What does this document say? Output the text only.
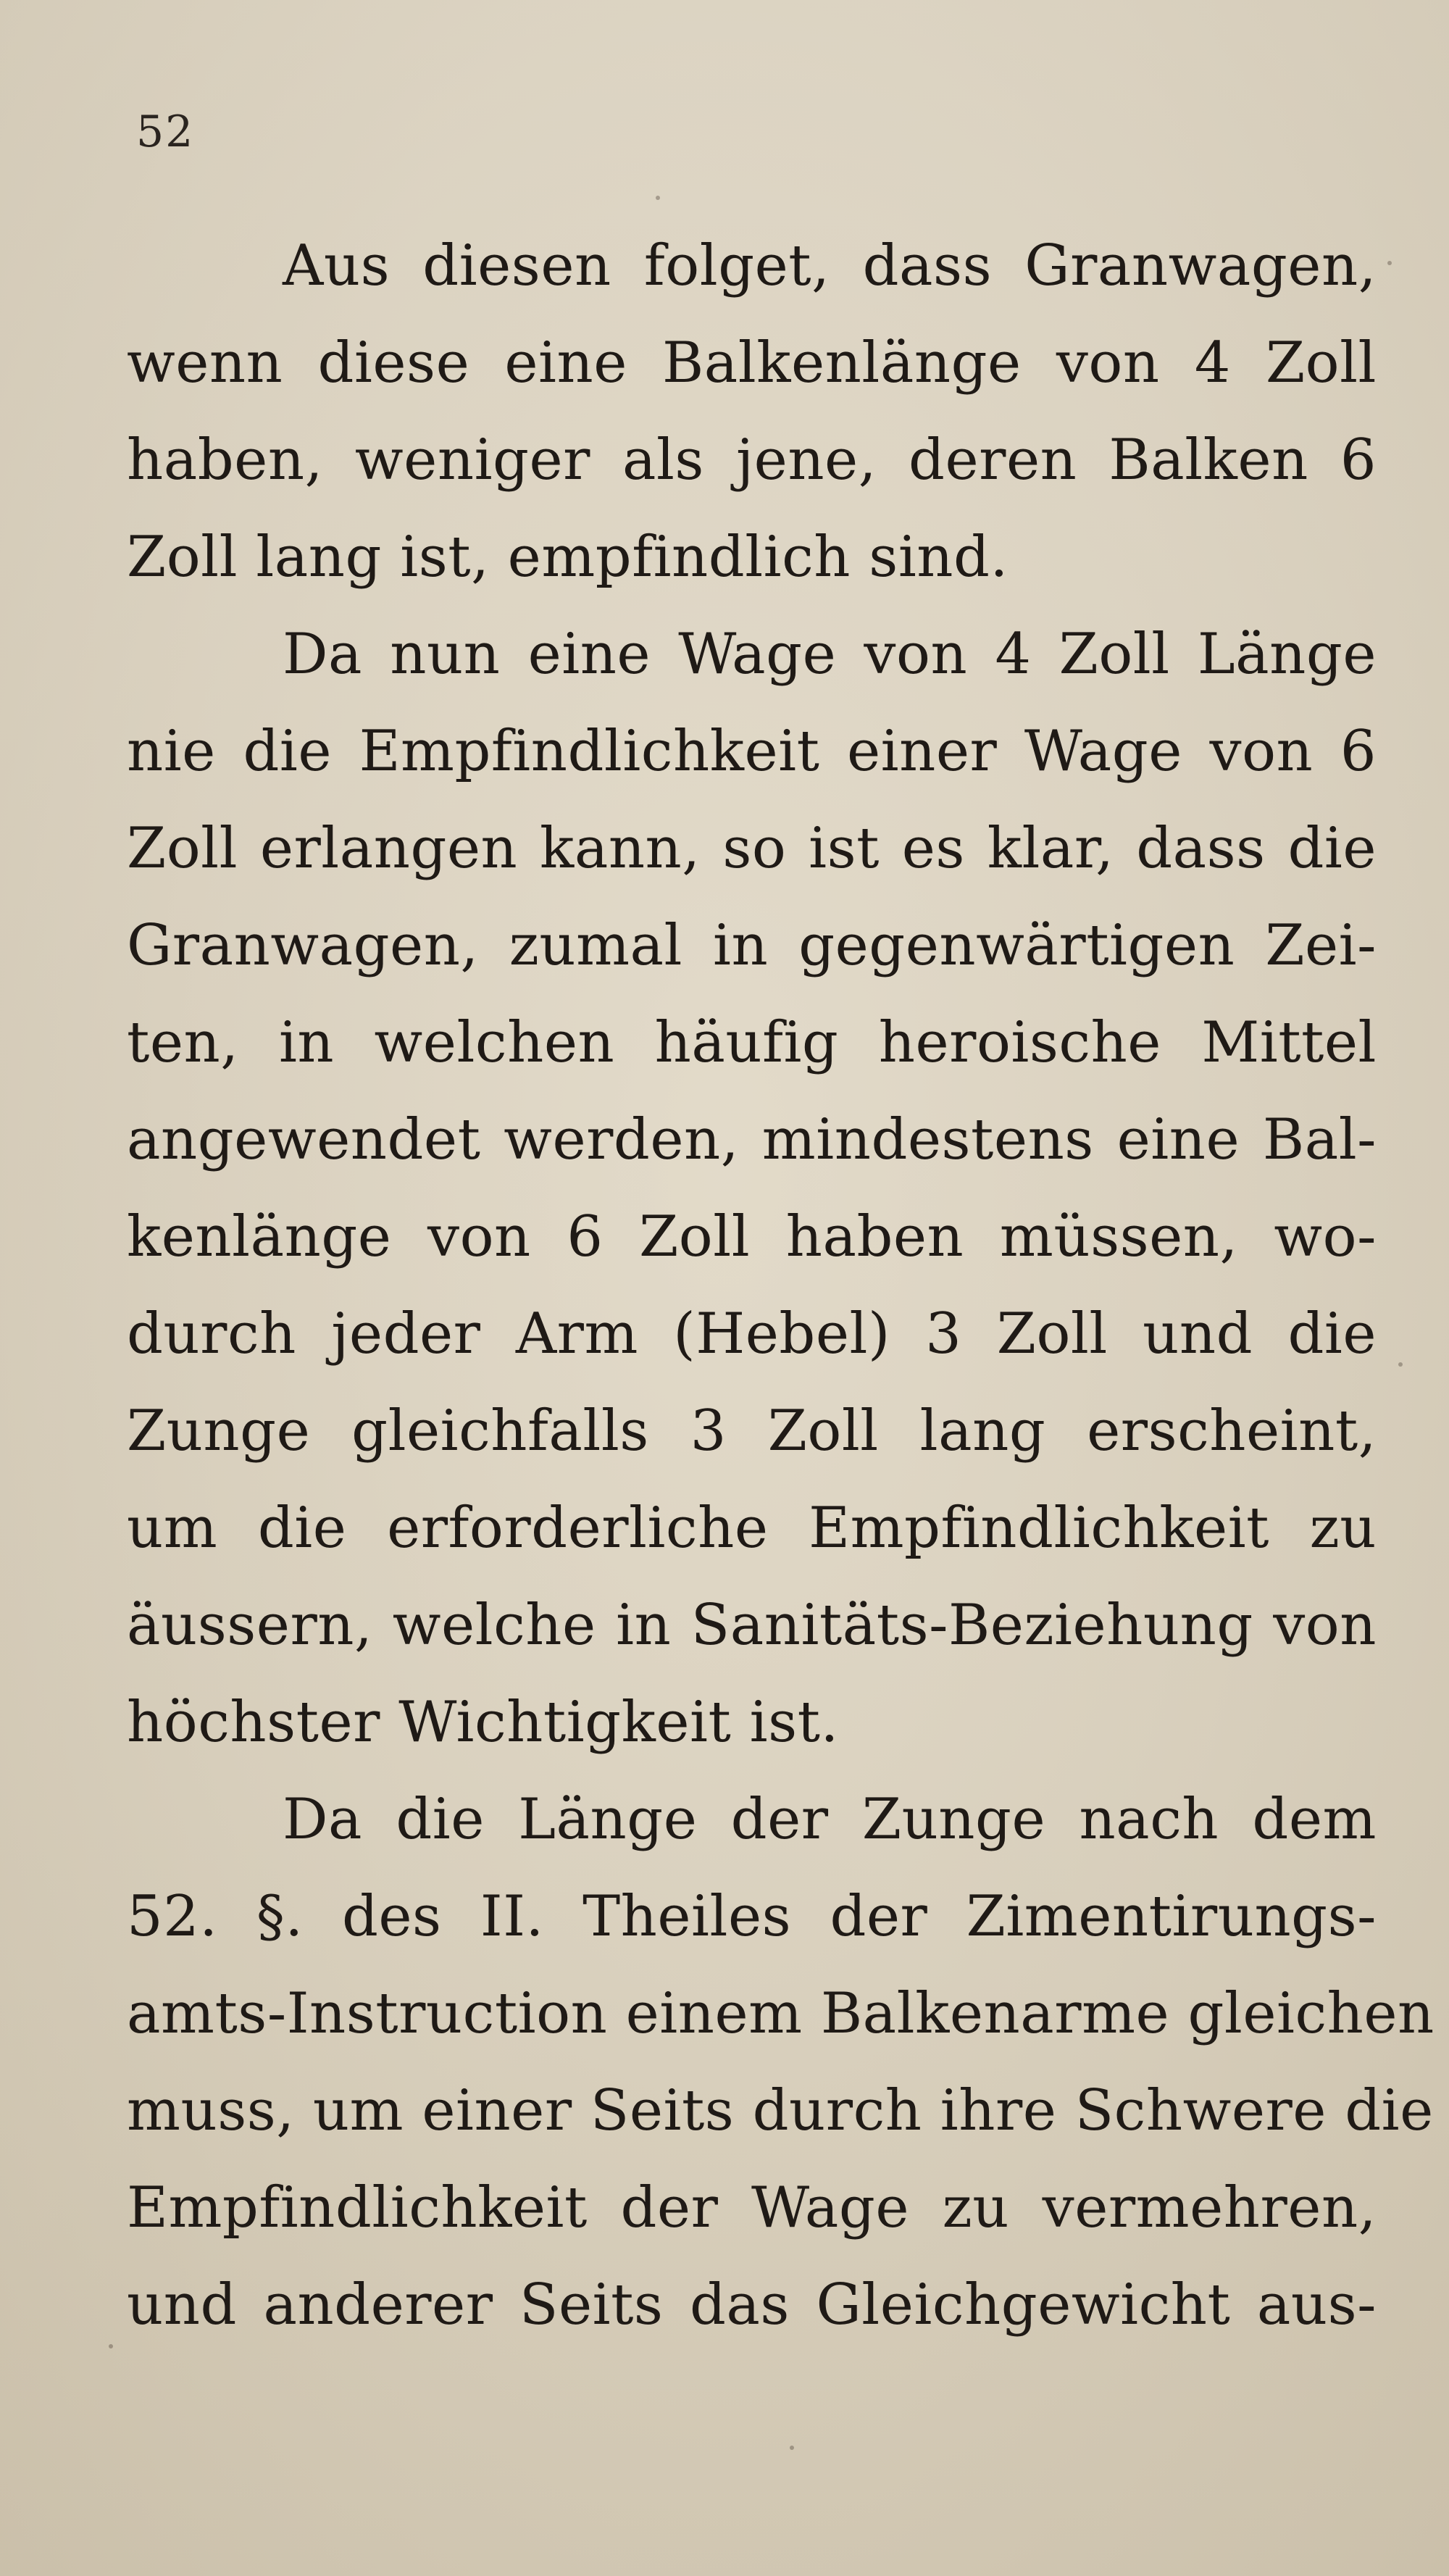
52
Aus diesen folget, dass Granwagen,
wenn diese eine Balkenlänge von 4 Zoll
haben, weniger als jene, deren Balken 6
Zoll lang ist, empfindlich sind.
Da nun eine Wage von 4 Zoll Länge
nie die Empfindlichkeit einer Wage von 6
Zoll erlangen kann, so ist es klar, dass die
Granwagen, zumal in gegenwärtigen Zei-
ten, in welchen häufig heroische Mittel
angewendet werden, mindestens eine Bal-
kenlänge von 6 Zoll haben müssen, wo-
durch jeder Arm (Hebel) 3 Zoll und die
Zunge gleichfalls 3 Zoll lang erscheint,
um die erforderliche Empfindlichkeit zu
äussern, welche in Sanitäts-Beziehung von
höchster Wichtigkeit ist.
Da die Länge der Zunge nach dem
52. §. des II. Theiles der Zimentirungs-
amts-Instruction einem Balkenarme gleichen
muss, um einer Seits durch ihre Schwere die
Empfindlichkeit der Wage zu vermehren,
und anderer Seits das Gleichgewicht aus-
